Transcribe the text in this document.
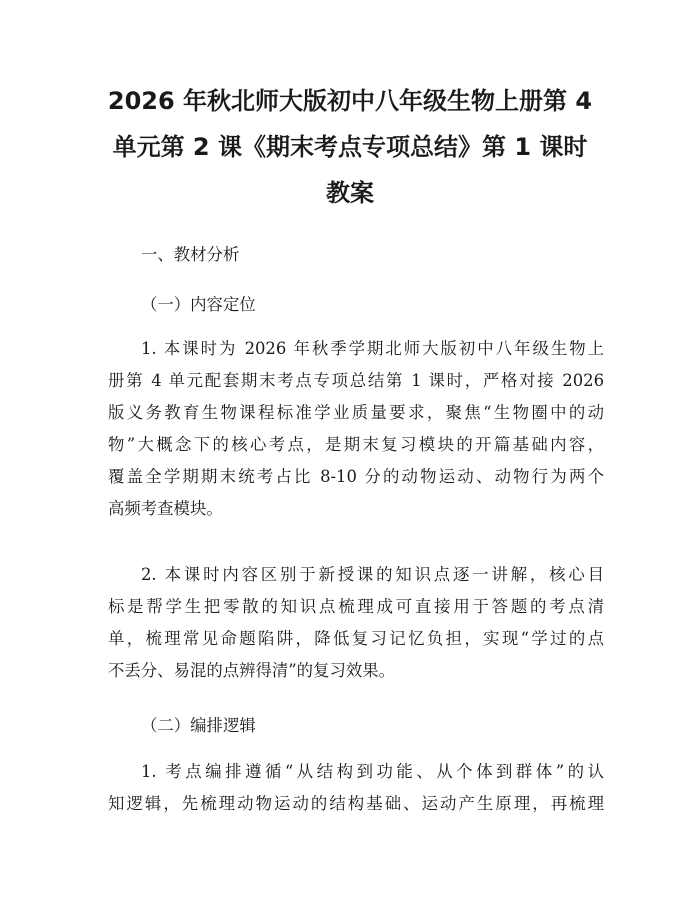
2026 年秋北师大版初中八年级生物上册第 4
单元第 2 课《期末考点专项总结》第 1 课时
教案
一、教材分析
（一）内容定位
1. 本课时为 2026 年秋季学期北师大版初中八年级生物上
册第 4 单元配套期末考点专项总结第 1 课时，严格对接 2026
版义务教育生物课程标准学业质量要求，聚焦“生物圈中的动
物”大概念下的核心考点，是期末复习模块的开篇基础内容，
覆盖全学期期末统考占比 8-10 分的动物运动、动物行为两个
高频考查模块。
2. 本课时内容区别于新授课的知识点逐一讲解，核心目
标是帮学生把零散的知识点梳理成可直接用于答题的考点清
单，梳理常见命题陷阱，降低复习记忆负担，实现“学过的点
不丢分、易混的点辨得清”的复习效果。
（二）编排逻辑
1. 考点编排遵循“从结构到功能、从个体到群体”的认
知逻辑，先梳理动物运动的结构基础、运动产生原理，再梳理
